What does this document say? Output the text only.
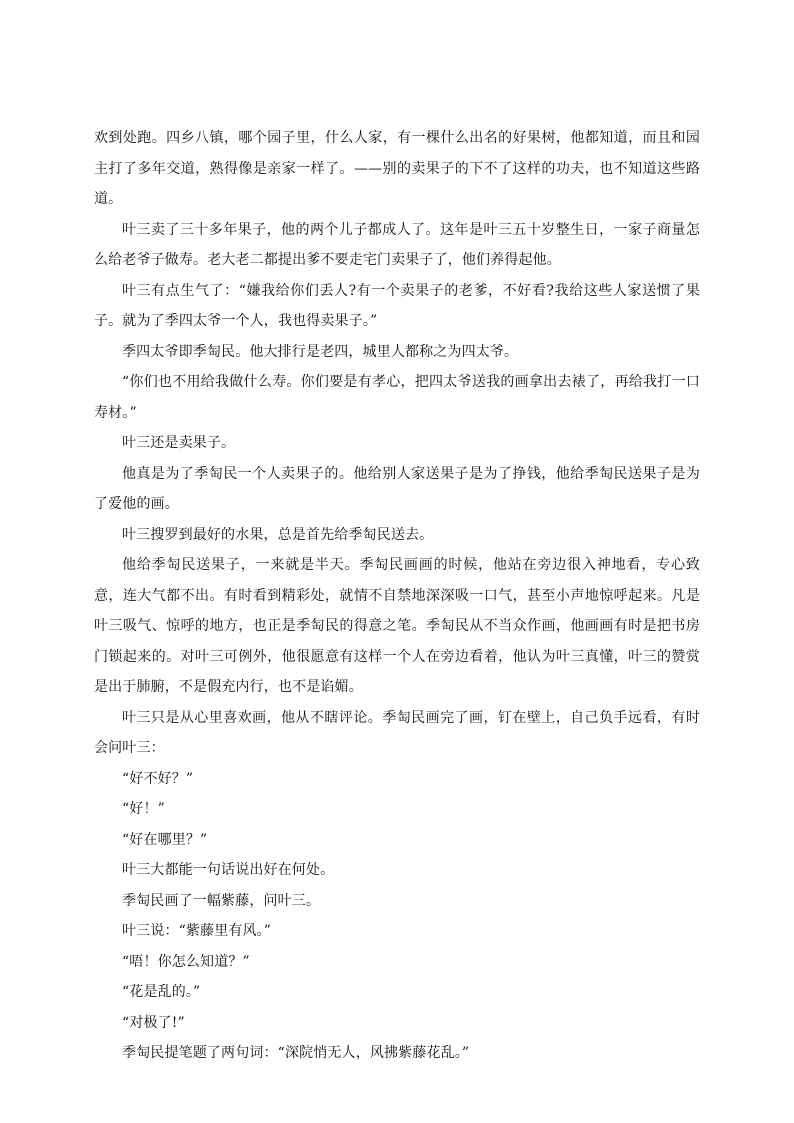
欢到处跑。四乡八镇，哪个园子里，什么人家，有一棵什么出名的好果树，他都知道，而且和园主打了多年交道，熟得像是亲家一样了。——别的卖果子的下不了这样的功夫，也不知道这些路道。

叶三卖了三十多年果子，他的两个儿子都成人了。这年是叶三五十岁整生日，一家子商量怎么给老爷子做寿。老大老二都提出爹不要走宅门卖果子了，他们养得起他。

叶三有点生气了：“嫌我给你们丢人?有一个卖果子的老爹，不好看?我给这些人家送惯了果子。就为了季四太爷一个人，我也得卖果子。”

季四太爷即季匋民。他大排行是老四，城里人都称之为四太爷。

“你们也不用给我做什么寿。你们要是有孝心，把四太爷送我的画拿出去裱了，再给我打一口寿材。”

叶三还是卖果子。

他真是为了季匋民一个人卖果子的。他给别人家送果子是为了挣钱，他给季匋民送果子是为了爱他的画。

叶三搜罗到最好的水果，总是首先给季匋民送去。

他给季匋民送果子，一来就是半天。季匋民画画的时候，他站在旁边很入神地看，专心致意，连大气都不出。有时看到精彩处，就情不自禁地深深吸一口气，甚至小声地惊呼起来。凡是叶三吸气、惊呼的地方，也正是季匋民的得意之笔。季匋民从不当众作画，他画画有时是把书房门锁起来的。对叶三可例外，他很愿意有这样一个人在旁边看着，他认为叶三真懂，叶三的赞赏是出于肺腑，不是假充内行，也不是谄媚。

叶三只是从心里喜欢画，他从不瞎评论。季匋民画完了画，钉在壁上，自己负手远看，有时会问叶三：

“好不好？”

“好！”

“好在哪里？”

叶三大都能一句话说出好在何处。

季匋民画了一幅紫藤，问叶三。

叶三说：“紫藤里有风。”

“唔！你怎么知道？”

“花是乱的。”

“对极了!”

季匋民提笔题了两句词：“深院悄无人，风拂紫藤花乱。”
